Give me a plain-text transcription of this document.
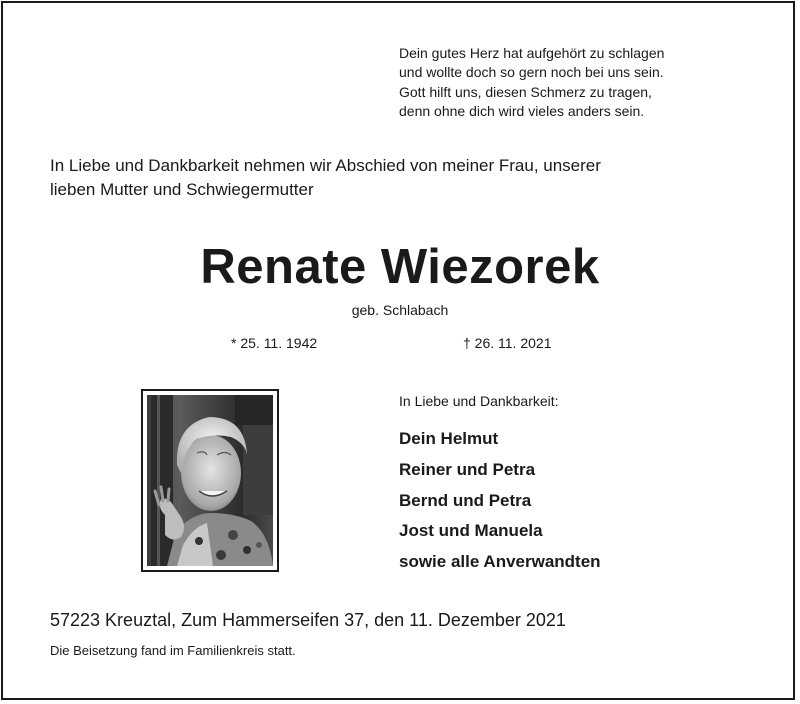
Dein gutes Herz hat aufgehört zu schlagen
und wollte doch so gern noch bei uns sein.
Gott hilft uns, diesen Schmerz zu tragen,
denn ohne dich wird vieles anders sein.
In Liebe und Dankbarkeit nehmen wir Abschied von meiner Frau, unserer
lieben Mutter und Schwiegermutter
Renate Wiezorek
geb. Schlabach
* 25. 11. 1942	† 26. 11. 2021
In Liebe und Dankbarkeit:
Dein Helmut
Reiner und Petra
Bernd und Petra
Jost und Manuela
sowie alle Anverwandten
57223 Kreuztal, Zum Hammerseifen 37, den 11. Dezember 2021
Die Beisetzung fand im Familienkreis statt.
